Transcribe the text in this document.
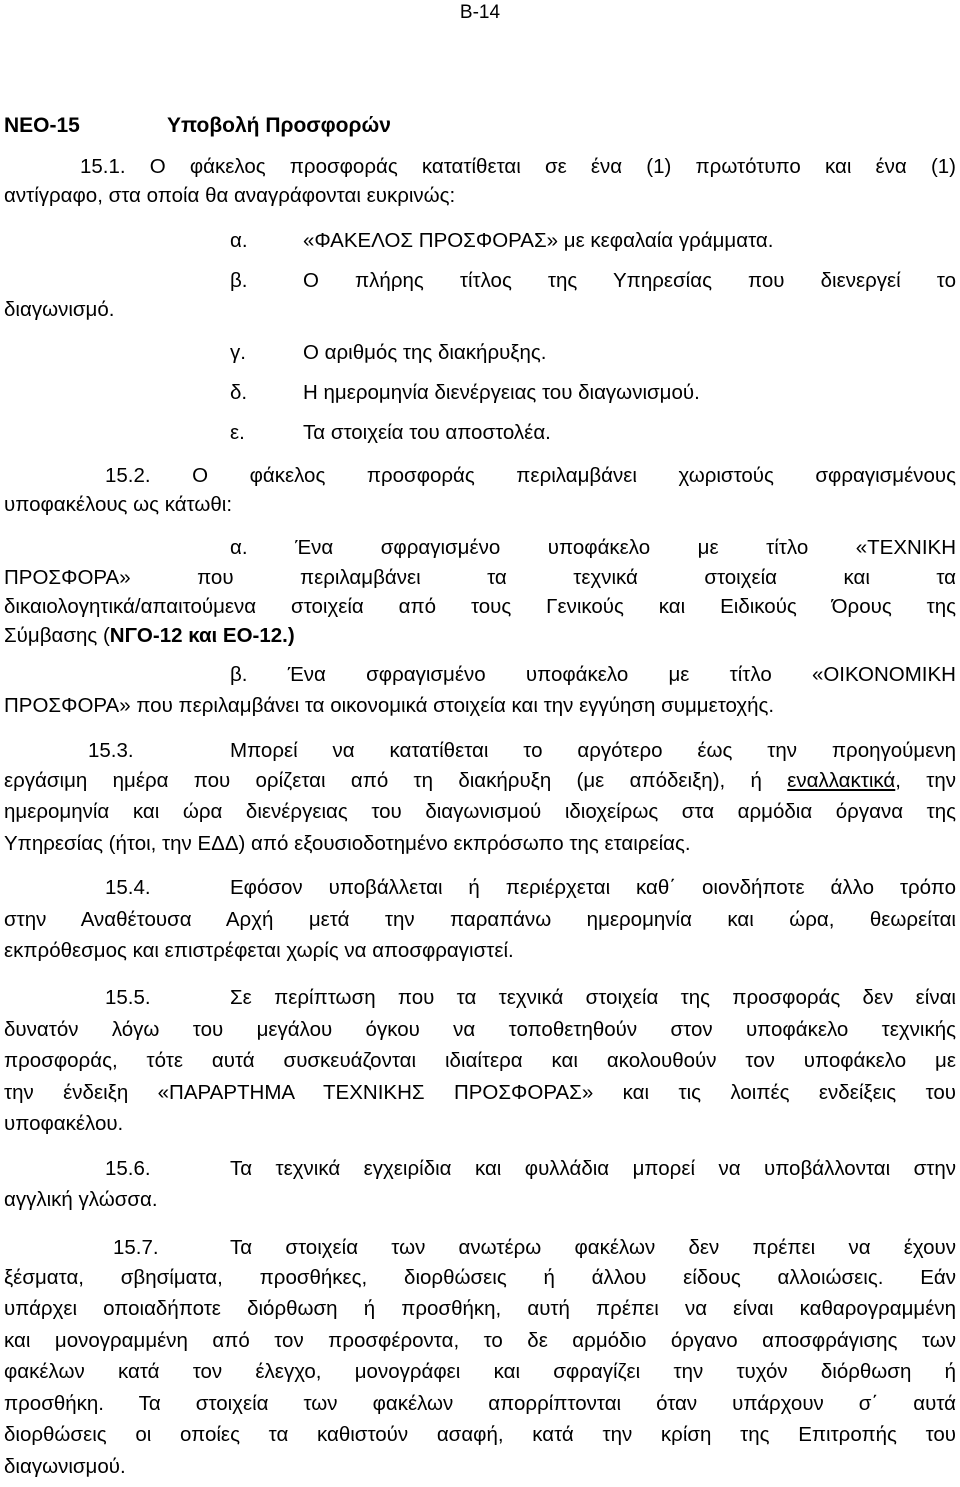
Β-14
ΝΕΟ-15	Υποβολή Προσφορών
15.1. Ο φάκελος προσφοράς κατατίθεται σε ένα (1) πρωτότυπο και ένα (1)
αντίγραφο, στα οποία θα αναγράφονται ευκρινώς:
α.	«ΦΑΚΕΛΟΣ ΠΡΟΣΦΟΡΑΣ» με κεφαλαία γράμματα.
β.	Ο πλήρης τίτλος της Υπηρεσίας που διενεργεί το
διαγωνισμό.
γ.	Ο αριθμός της διακήρυξης.
δ.	Η ημερομηνία διενέργειας του διαγωνισμού.
ε.	Τα στοιχεία του αποστολέα.
15.2. Ο φάκελος προσφοράς περιλαμβάνει χωριστούς σφραγισμένους
υποφακέλους ως κάτωθι:
α. Ένα σφραγισμένο υποφάκελο με τίτλο «ΤΕΧΝΙΚΗ
ΠΡΟΣΦΟΡΑ» που περιλαμβάνει τα τεχνικά στοιχεία και τα
δικαιολογητικά/απαιτούμενα στοιχεία από τους Γενικούς και Ειδικούς Όρους της
Σύμβασης (ΝΓΟ-12 και ΕΟ-12.)
β. Ένα σφραγισμένο υποφάκελο με τίτλο «ΟΙΚΟΝΟΜΙΚΗ
ΠΡΟΣΦΟΡΑ» που περιλαμβάνει τα οικονομικά στοιχεία και την εγγύηση συμμετοχής.
15.3.	Μπορεί να κατατίθεται το αργότερο έως την προηγούμενη
εργάσιμη ημέρα που ορίζεται από τη διακήρυξη (με απόδειξη), ή εναλλακτικά, την
ημερομηνία και ώρα διενέργειας του διαγωνισμού ιδιοχείρως στα αρμόδια όργανα της
Υπηρεσίας (ήτοι, την ΕΔΔ) από εξουσιοδοτημένο εκπρόσωπο της εταιρείας.
15.4.	Εφόσον υποβάλλεται ή περιέρχεται καθ΄ οιονδήποτε άλλο τρόπο
στην Αναθέτουσα Αρχή μετά την παραπάνω ημερομηνία και ώρα, θεωρείται
εκπρόθεσμος και επιστρέφεται χωρίς να αποσφραγιστεί.
15.5.	Σε περίπτωση που τα τεχνικά στοιχεία της προσφοράς δεν είναι
δυνατόν λόγω του μεγάλου όγκου να τοποθετηθούν στον υποφάκελο τεχνικής
προσφοράς, τότε αυτά συσκευάζονται ιδιαίτερα και ακολουθούν τον υποφάκελο με
την ένδειξη «ΠΑΡΑΡΤΗΜΑ ΤΕΧΝΙΚΗΣ ΠΡΟΣΦΟΡΑΣ» και τις λοιπές ενδείξεις του
υποφακέλου.
15.6.	Τα τεχνικά εγχειρίδια και φυλλάδια μπορεί να υποβάλλονται στην
αγγλική γλώσσα.
15.7.	Τα στοιχεία των ανωτέρω φακέλων δεν πρέπει να έχουν
ξέσματα, σβησίματα, προσθήκες, διορθώσεις ή άλλου είδους αλλοιώσεις. Εάν
υπάρχει οποιαδήποτε διόρθωση ή προσθήκη, αυτή πρέπει να είναι καθαρογραμμένη
και μονογραμμένη από τον προσφέροντα, το δε αρμόδιο όργανο αποσφράγισης των
φακέλων κατά τον έλεγχο, μονογράφει και σφραγίζει την τυχόν διόρθωση ή
προσθήκη. Τα στοιχεία των φακέλων απορρίπτονται όταν υπάρχουν σ΄ αυτά
διορθώσεις οι οποίες τα καθιστούν ασαφή, κατά την κρίση της Επιτροπής του
διαγωνισμού.
